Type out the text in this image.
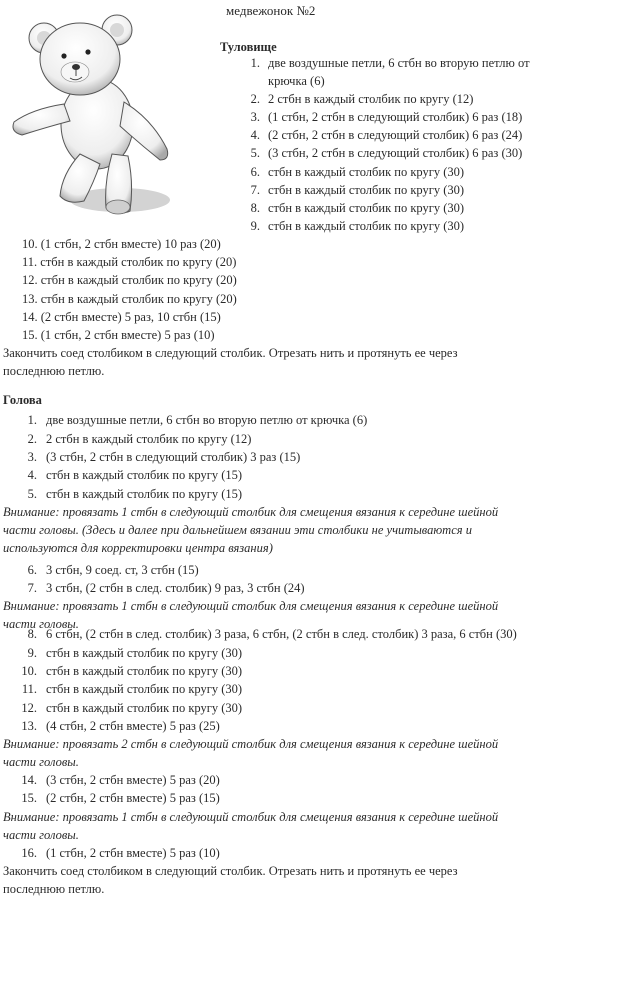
медвежонок №2
Туловище
Голова
1. две воздушные петли, 6 стбн во вторую петлю от
крючка (6)
2. 2 стбн в каждый столбик по кругу (12)
3. (1 стбн, 2 стбн в следующий столбик) 6 раз (18)
4. (2 стбн, 2 стбн в следующий столбик) 6 раз (24)
5. (3 стбн, 2 стбн в следующий столбик) 6 раз (30)
6. стбн в каждый столбик по кругу (30)
7. стбн в каждый столбик по кругу (30)
8. стбн в каждый столбик по кругу (30)
9. стбн в каждый столбик по кругу (30)
10. (1 стбн, 2 стбн вместе) 10 раз (20)
11. стбн в каждый столбик по кругу (20)
12. стбн в каждый столбик по кругу (20)
13. стбн в каждый столбик по кругу (20)
14. (2 стбн вместе) 5 раз, 10 стбн (15)
15. (1 стбн, 2 стбн вместе) 5 раз (10)
Закончить соед столбиком в следующий столбик. Отрезать нить и протянуть ее через
последнюю петлю.
1. две воздушные петли, 6 стбн во вторую петлю от крючка (6)
2. 2 стбн в каждый столбик по кругу (12)
3. (3 стбн, 2 стбн в следующий столбик) 3 раз (15)
4. стбн в каждый столбик по кругу (15)
5. стбн в каждый столбик по кругу (15)
Внимание: провязать 1 стбн в следующий столбик для смещения вязания к середине шейной
части головы. (Здесь и далее при дальнейшем вязании эти столбики не учитываются и
используются для корректировки центра вязания)
6. 3 стбн, 9 соед. ст, 3 стбн (15)
7. 3 стбн, (2 стбн в след. столбик) 9 раз, 3 стбн (24)
Внимание: провязать 1 стбн в следующий столбик для смещения вязания к середине шейной
части головы.
8. 6 стбн, (2 стбн в след. столбик) 3 раза, 6 стбн, (2 стбн в след. столбик) 3 раза, 6 стбн (30)
9. стбн в каждый столбик по кругу (30)
10. стбн в каждый столбик по кругу (30)
11. стбн в каждый столбик по кругу (30)
12. стбн в каждый столбик по кругу (30)
13. (4 стбн, 2 стбн вместе) 5 раз (25)
Внимание: провязать 2 стбн в следующий столбик для смещения вязания к середине шейной
части головы.
14. (3 стбн, 2 стбн вместе) 5 раз (20)
15. (2 стбн, 2 стбн вместе) 5 раз (15)
Внимание: провязать 1 стбн в следующий столбик для смещения вязания к середине шейной
части головы.
16. (1 стбн, 2 стбн вместе) 5 раз (10)
Закончить соед столбиком в следующий столбик. Отрезать нить и протянуть ее через
последнюю петлю.
